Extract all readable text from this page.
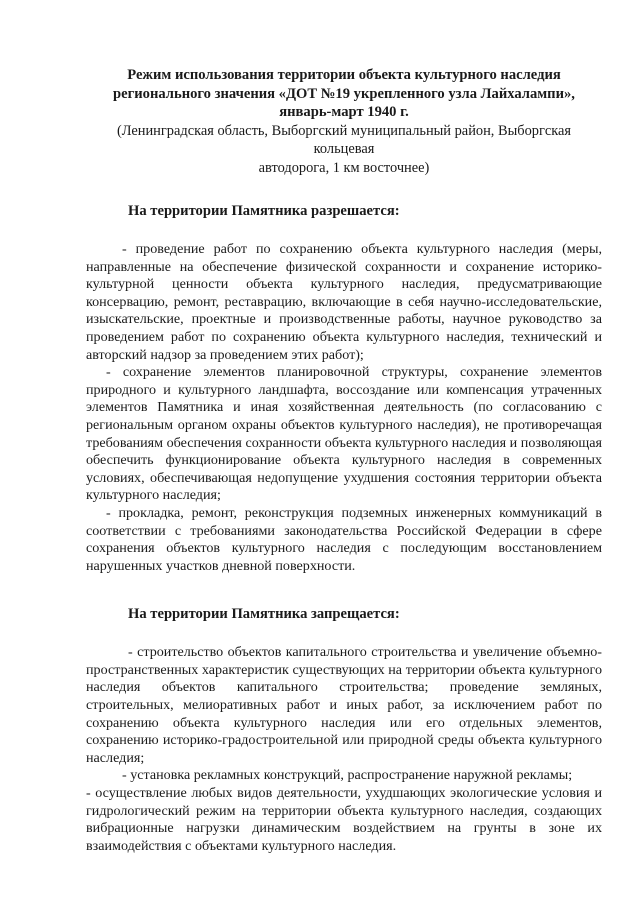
Режим использования территории объекта культурного наследия

регионального значения «ДОТ №19 укрепленного узла Лайхалампи»,

январь-март 1940 г.

(Ленинградская область, Выборгский муниципальный район, Выборгская кольцевая

автодорога, 1 км восточнее)

На территории Памятника разрешается:

- проведение работ по сохранению объекта культурного наследия (меры, направленные на обеспечение физической сохранности и сохранение историко-культурной ценности объекта культурного наследия, предусматривающие консервацию, ремонт, реставрацию, включающие в себя научно-исследовательские, изыскательские, проектные и производственные работы, научное руководство за проведением работ по сохранению объекта культурного наследия, технический и авторский надзор за проведением этих работ);

- сохранение элементов планировочной структуры, сохранение элементов природного и культурного ландшафта, воссоздание или компенсация утраченных элементов Памятника и иная хозяйственная деятельность (по согласованию с региональным органом охраны объектов культурного наследия), не противоречащая требованиям обеспечения сохранности объекта культурного наследия и позволяющая обеспечить функционирование объекта культурного наследия в современных условиях, обеспечивающая недопущение ухудшения состояния территории объекта культурного наследия;

- прокладка, ремонт, реконструкция подземных инженерных коммуникаций в соответствии с требованиями законодательства Российской Федерации в сфере сохранения объектов культурного наследия с последующим восстановлением нарушенных участков дневной поверхности.

На территории Памятника запрещается:

- строительство объектов капитального строительства и увеличение объемно-пространственных характеристик существующих на территории объекта культурного наследия объектов капитального строительства; проведение земляных, строительных, мелиоративных работ и иных работ, за исключением работ по сохранению объекта культурного наследия или его отдельных элементов, сохранению историко-градостроительной или природной среды объекта культурного наследия;

- установка рекламных конструкций, распространение наружной рекламы;

- осуществление любых видов деятельности, ухудшающих экологические условия и гидрологический режим на территории объекта культурного наследия, создающих вибрационные нагрузки динамическим воздействием на грунты в зоне их взаимодействия с объектами культурного наследия.
